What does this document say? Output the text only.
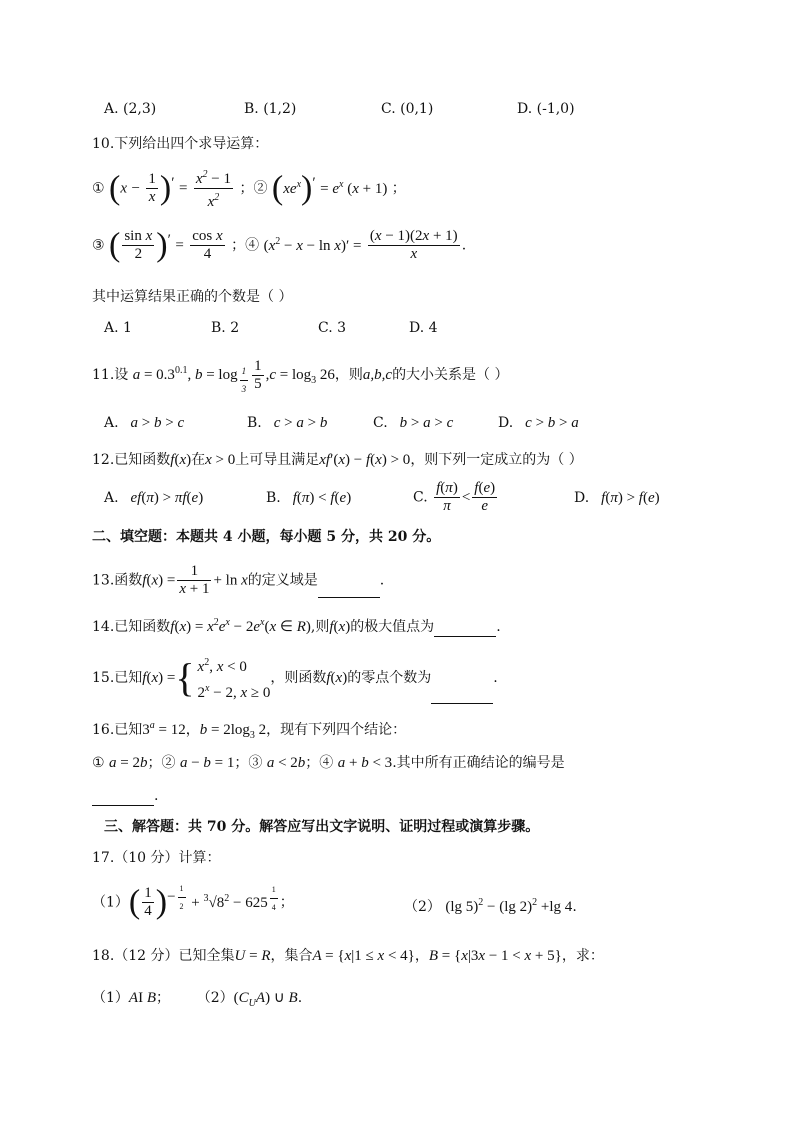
A. (2,3)	B. (1,2)	C. (0,1)	D. (-1,0)
10.下列给出四个求导运算：
① $(x - \frac{1}{x} )' = \frac{x^2 - 1}{x^2}$ ；② $(xe^x)' = e^x$ (x + 1) ；
③ ( $\frac{\text{sin x}}{2} )' = \frac{\text{cos x}}{4}$ ；④ $(x^2 - x - \ln x)' = \frac{(x - 1)(2x + 1)}{x}$ .
其中运算结果正确的个数是（ ）
A. 1	B. 2	C. 3	D. 4
11.设 $a = 0.3^{0.1}$, $b = \log _{\frac{1}{3}} \frac{1}{5} ,c = \log_3 26$，则a,b,c的大小关系是（ ）
A.   a > b > c	B.   c > a > b	C.   b > a > c	D.   c > b > a
12.已知函数f(x)在x > 0上可导且满足xf′(x) − f(x) > 0，则下列一定成立的为（ ）
A.   ef(π) > πf(e)	B.   f(π) < f(e)	C. $\frac{f(\pi)}{\pi} < \frac{f(e)}{e}$	D.   f(π) > f(e)
二、填空题：本题共 4 小题，每小题 5 分，共 20 分。
13.函数$f(x) = \frac{1}{x + 1} + \ln x$的定义域是	.
14.已知函数$f(x) = x^2e^x - 2e^x(x$ ∈ R),则f(x)的极大值点为	.
15.已知f(x) ={ $x^2$, x < 0
$2^x - 2$, x ≥ 0
，则函数f(x)的零点个数为	.
16.已知$3^a = 12$，$b = 2\log_3$ 2，现有下列四个结论：
① a = 2b；② a − b = 1；③ a < 2b；④ a + b < 3.其中所有正确结论的编号是
.
三、解答题：共 70 分。解答应写出文字说明、证明过程或演算步骤。
17.（10 分）计算：
$(1)( \frac{1}{4} )^{- \frac{1}{2}} + ^3√8^2 - 625$ $^{\frac{1}{4}}$ ；	（2） (lg 5)$^2$ − (lg 2)$^2$ +lg 4.
18.（12 分）已知全集U = R，集合A = {x|1 ≤ x < 4}，B = {x|3x − 1 < x + 5}，求：
（1）AI B； $(2)(C_UA)$ ∪ B.
